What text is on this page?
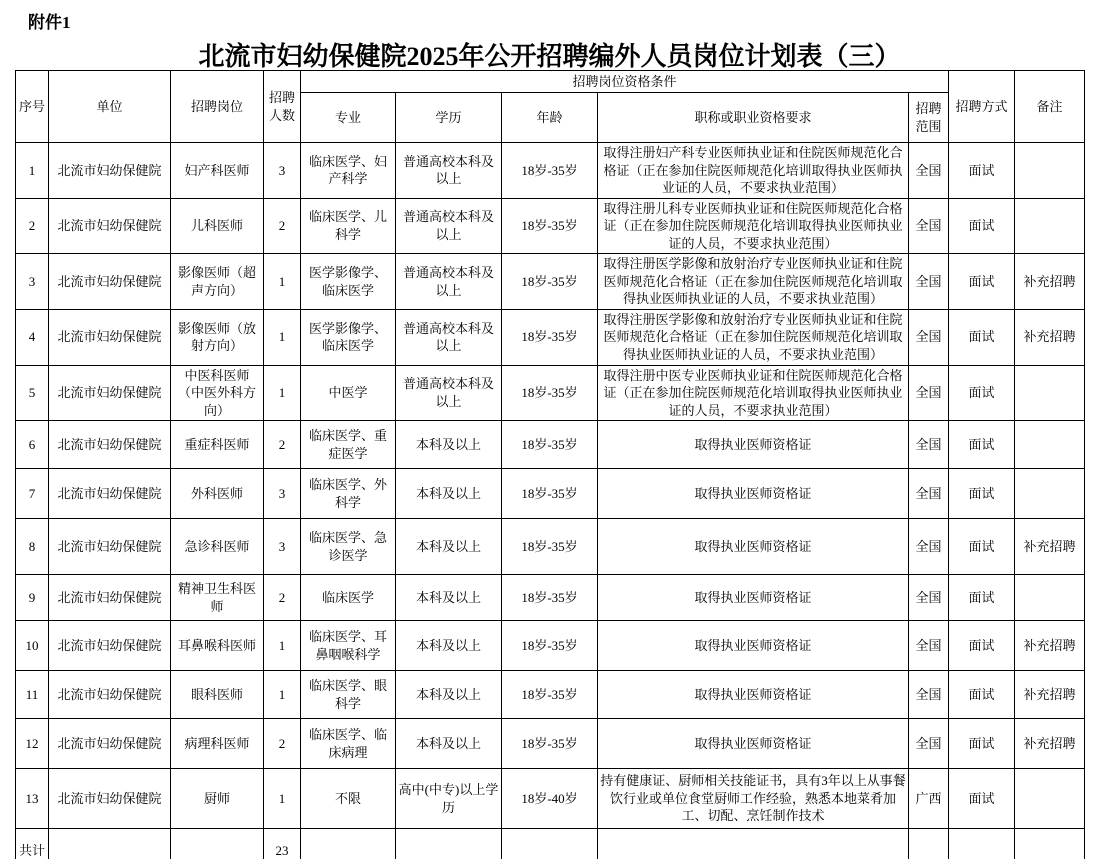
附件1
北流市妇幼保健院2025年公开招聘编外人员岗位计划表（三）
序号	单位	招聘岗位	招聘人数	招聘岗位资格条件					招聘方式	备注
				专业	学历	年龄	职称或职业资格要求	招聘范围		
1	北流市妇幼保健院	妇产科医师	3	临床医学、妇产科学	普通高校本科及以上	18岁-35岁	取得注册妇产科专业医师执业证和住院医师规范化合格证（正在参加住院医师规范化培训取得执业医师执业证的人员，不要求执业范围）	全国	面试	
2	北流市妇幼保健院	儿科医师	2	临床医学、儿科学	普通高校本科及以上	18岁-35岁	取得注册儿科专业医师执业证和住院医师规范化合格证（正在参加住院医师规范化培训取得执业医师执业证的人员，不要求执业范围）	全国	面试	
3	北流市妇幼保健院	影像医师（超声方向）	1	医学影像学、临床医学	普通高校本科及以上	18岁-35岁	取得注册医学影像和放射治疗专业医师执业证和住院医师规范化合格证（正在参加住院医师规范化培训取得执业医师执业证的人员，不要求执业范围）	全国	面试	补充招聘
4	北流市妇幼保健院	影像医师（放射方向）	1	医学影像学、临床医学	普通高校本科及以上	18岁-35岁	取得注册医学影像和放射治疗专业医师执业证和住院医师规范化合格证（正在参加住院医师规范化培训取得执业医师执业证的人员，不要求执业范围）	全国	面试	补充招聘
5	北流市妇幼保健院	中医科医师（中医外科方向）	1	中医学	普通高校本科及以上	18岁-35岁	取得注册中医专业医师执业证和住院医师规范化合格证（正在参加住院医师规范化培训取得执业医师执业证的人员，不要求执业范围）	全国	面试	
6	北流市妇幼保健院	重症科医师	2	临床医学、重症医学	本科及以上	18岁-35岁	取得执业医师资格证	全国	面试	
7	北流市妇幼保健院	外科医师	3	临床医学、外科学	本科及以上	18岁-35岁	取得执业医师资格证	全国	面试	
8	北流市妇幼保健院	急诊科医师	3	临床医学、急诊医学	本科及以上	18岁-35岁	取得执业医师资格证	全国	面试	补充招聘
9	北流市妇幼保健院	精神卫生科医师	2	临床医学	本科及以上	18岁-35岁	取得执业医师资格证	全国	面试	
10	北流市妇幼保健院	耳鼻喉科医师	1	临床医学、耳鼻咽喉科学	本科及以上	18岁-35岁	取得执业医师资格证	全国	面试	补充招聘
11	北流市妇幼保健院	眼科医师	1	临床医学、眼科学	本科及以上	18岁-35岁	取得执业医师资格证	全国	面试	补充招聘
12	北流市妇幼保健院	病理科医师	2	临床医学、临床病理	本科及以上	18岁-35岁	取得执业医师资格证	全国	面试	补充招聘
13	北流市妇幼保健院	厨师	1	不限	高中(中专)以上学历	18岁-40岁	持有健康证、厨师相关技能证书，具有3年以上从事餐饮行业或单位食堂厨师工作经验，熟悉本地菜肴加工、切配、烹饪制作技术	广西	面试	
共计			23							
